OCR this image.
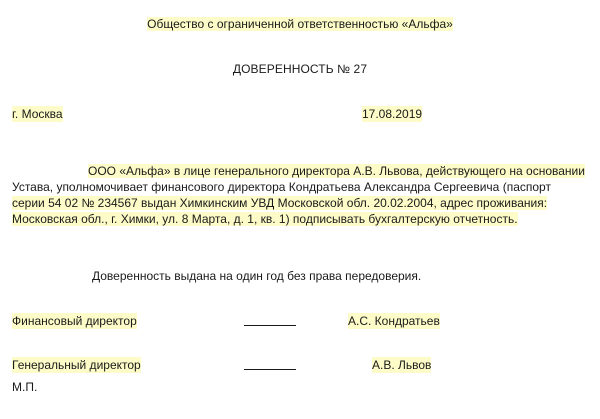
Общество с ограниченной ответственностью «Альфа»
ДОВЕРЕННОСТЬ № 27
г. Москва	17.08.2019
ООО «Альфа» в лице генерального директора А.В. Львова, действующего на основании
Устава, уполномочивает финансового директора Кондратьева Александра Сергеевича (паспорт
серии 54 02 № 234567 выдан Химкинским УВД Московской обл. 20.02.2004, адрес проживания:
Московская обл., г. Химки, ул. 8 Марта, д. 1, кв. 1) подписывать бухгалтерскую отчетность.
Доверенность выдана на один год без права передоверия.
Финансовый директор	А.С. Кондратьев
Генеральный директор	А.В. Львов
М.П.
